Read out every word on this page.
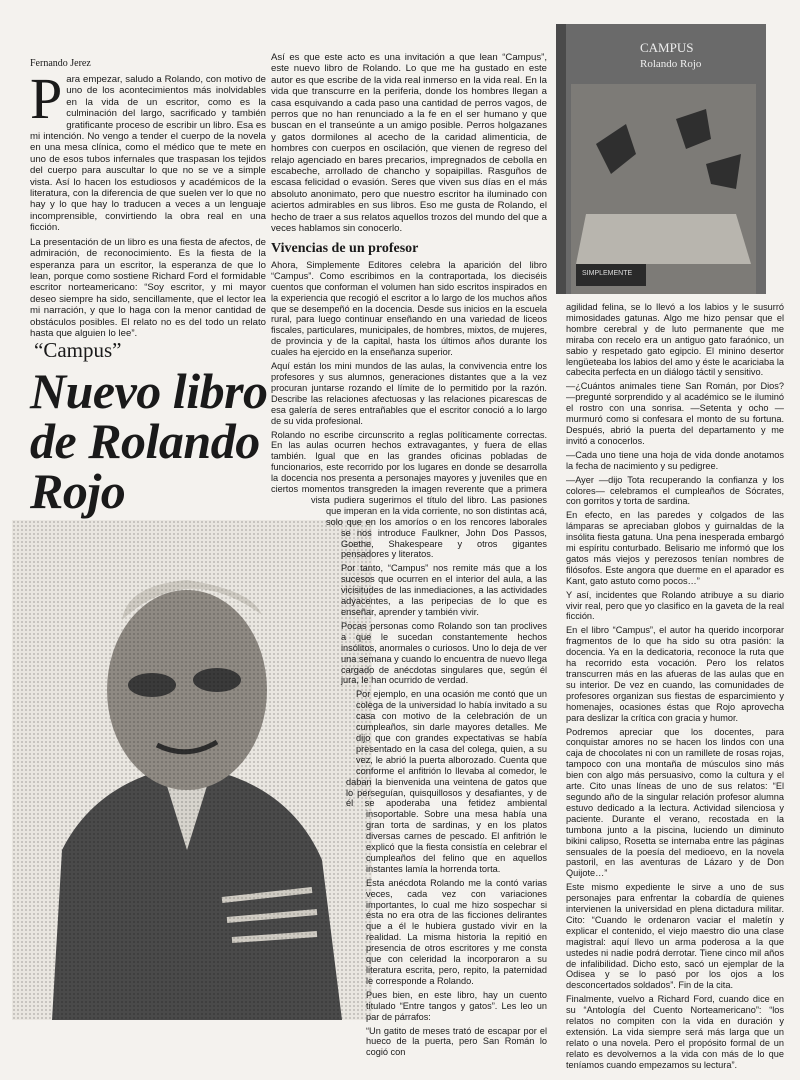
Fernando Jerez

Para empezar, saludo a Rolando, con motivo de uno de los acontecimientos más inolvidables en la vida de un escritor, como es la culminación del largo, sacrificado y también gratificante proceso de escribir un libro. Esa es mi intención. No vengo a tender el cuerpo de la novela en una mesa clínica, como el médico que te mete en uno de esos tubos infernales que traspasan los tejidos del cuerpo para auscultar lo que no se ve a simple vista. Así lo hacen los estudiosos y académicos de la literatura, con la diferencia de que suelen ver lo que no hay y lo que hay lo traducen a veces a un lenguaje incomprensible, convirtiendo la obra real en una ficción.

La presentación de un libro es una fiesta de afectos, de admiración, de reconocimiento. Es la fiesta de la esperanza para un escritor, la esperanza de que lo lean, porque como sostiene Richard Ford el formidable escritor norteamericano: “Soy escritor, y mi mayor deseo siempre ha sido, sencillamente, que el lector lea mi narración, y que lo haga con la menor cantidad de obstáculos posibles. El relato no es del todo un relato hasta que alguien lo lee”.

“Campus”
Nuevo libro de Rolando Rojo
CAMPUS
Rolando Rojo
SIMPLEMENTE

Así es que este acto es una invitación a que lean “Campus”, este nuevo libro de Rolando. Lo que me ha gustado en este autor es que escribe de la vida real inmerso en la vida real. En la vida que transcurre en la periferia, donde los hombres llegan a casa esquivando a cada paso una cantidad de perros vagos, de perros que no han renunciado a la fe en el ser humano y que buscan en el transeúnte a un amigo posible. Perros holgazanes y gatos dormilones al acecho de la caridad alimenticia, de hombres con cuerpos en oscilación, que vienen de regreso del relajo agenciado en bares precarios, impregnados de cebolla en escabeche, arrollado de chancho y sopaipillas. Rasguños de escasa felicidad o evasión. Seres que viven sus días en el más absoluto anonimato, pero que nuestro escritor ha iluminado con aciertos admirables en sus libros. Eso me gusta de Rolando, el hecho de traer a sus relatos aquellos trozos del mundo del que a veces hablamos sin conocerlo.

Vivencias de un profesor

Ahora, Simplemente Editores celebra la aparición del libro “Campus”. Como escribimos en la contraportada, los dieciséis cuentos que conforman el volumen han sido escritos inspirados en la experiencia que recogió el escritor a lo largo de los muchos años que se desempeñó en la docencia. Desde sus inicios en la escuela rural, para luego continuar enseñando en una variedad de liceos fiscales, particulares, municipales, de hombres, mixtos, de mujeres, de provincia y de la capital, hasta los últimos años durante los cuales ha ejercido en la enseñanza superior.

Aquí están los mini mundos de las aulas, la convivencia entre los profesores y sus alumnos, generaciones distantes que a la vez procuran juntarse rozando el límite de lo permitido por la razón. Describe las relaciones afectuosas y las relaciones picarescas de esa galería de seres entrañables que el escritor conoció a lo largo de su vida profesional.

Rolando no escribe circunscrito a reglas políticamente correctas. En las aulas ocurren hechos extravagantes, y fuera de ellas también. Igual que en las grandes oficinas pobladas de funcionarios, este recorrido por los lugares en donde se desarrolla la docencia nos presenta a personajes mayores y juveniles que en ciertos momentos transgreden la imagen reverente que a primera vista pudiera sugerirnos el título del libro. Las pasiones que imperan en la vida corriente, no son distintas acá, solo que en los amoríos o en los rencores laborales se nos introduce Faulkner, John Dos Passos, Goethe, Shakespeare y otros gigantes pensadores y literatos.

Por tanto, “Campus” nos remite más que a los sucesos que ocurren en el interior del aula, a las vicisitudes de las inmediaciones, a las actividades adyacentes, a las peripecias de lo que es enseñar, aprender y también vivir.

Pocas personas como Rolando son tan proclives a que le sucedan constantemente hechos insólitos, anormales o curiosos. Uno lo deja de ver una semana y cuando lo encuentra de nuevo llega cargado de anécdotas singulares que, según él jura, le han ocurrido de verdad.

Por ejemplo, en una ocasión me contó que un colega de la universidad lo había invitado a su casa con motivo de la celebración de un cumpleaños, sin darle mayores detalles. Me dijo que con grandes expectativas se había presentado en la casa del colega, quien, a su vez, le abrió la puerta alborozado. Cuenta que conforme el anfitrión lo llevaba al comedor, le daban la bienvenida una veintena de gatos que lo perseguían, quisquillosos y desafiantes, y de él se apoderaba una fetidez ambiental insoportable. Sobre una mesa había una gran torta de sardinas, y en los platos diversas carnes de pescado. El anfitrión le explicó que la fiesta consistía en celebrar el cumpleaños del felino que en aquellos instantes lamía la horrenda torta.

Esta anécdota Rolando me la contó varias veces, cada vez con variaciones importantes, lo cual me hizo sospechar si ésta no era otra de las ficciones delirantes que a él le hubiera gustado vivir en la realidad. La misma historia la repitió en presencia de otros escritores y me consta que con celeridad la incorporaron a su literatura escrita, pero, repito, la paternidad le corresponde a Rolando.

Pues bien, en este libro, hay un cuento titulado “Entre tangos y gatos”. Les leo un par de párrafos:

“Un gatito de meses trató de escapar por el hueco de la puerta, pero San Román lo cogió con

agilidad felina, se lo llevó a los labios y le susurró mimosidades gatunas. Algo me hizo pensar que el hombre cerebral y de luto permanente que me miraba con recelo era un antiguo gato faraónico, un sabio y respetado gato egipcio. El minino desertor lengüeteaba los labios del amo y éste le acariciaba la cabecita perfecta en un diálogo táctil y sensitivo.

—¿Cuántos animales tiene San Román, por Dios? —pregunté sorprendido y al académico se le iluminó el rostro con una sonrisa. —Setenta y ocho —murmuró como si confesara el monto de su fortuna. Después, abrió la puerta del departamento y me invitó a conocerlos.

—Cada uno tiene una hoja de vida donde anotamos la fecha de nacimiento y su pedigree.

—Ayer —dijo Tota recuperando la confianza y los colores— celebramos el cumpleaños de Sócrates, con gorritos y torta de sardina.

En efecto, en las paredes y colgados de las lámparas se apreciaban globos y guirnaldas de la insólita fiesta gatuna. Una pena inesperada embargó mi espíritu conturbado. Belisario me informó que los gatos más viejos y perezosos tenían nombres de filósofos. Este angora que duerme en el aparador es Kant, gato astuto como pocos…”

Y así, incidentes que Rolando atribuye a su diario vivir real, pero que yo clasifico en la gaveta de la real ficción.

En el libro “Campus”, el autor ha querido incorporar fragmentos de lo que ha sido su otra pasión: la docencia. Ya en la dedicatoria, reconoce la ruta que ha recorrido esta vocación. Pero los relatos transcurren más en las afueras de las aulas que en su interior. De vez en cuando, las comunidades de profesores organizan sus fiestas de esparcimiento y homenajes, ocasiones éstas que Rojo aprovecha para deslizar la crítica con gracia y humor.

Podremos apreciar que los docentes, para conquistar amores no se hacen los lindos con una caja de chocolates ni con un ramillete de rosas rojas, tampoco con una montaña de músculos sino más bien con algo más persuasivo, como la cultura y el arte. Cito unas líneas de uno de sus relatos: “El segundo año de la singular relación profesor alumna estuvo dedicado a la lectura. Actividad silenciosa y paciente. Durante el verano, recostada en la tumbona junto a la piscina, luciendo un diminuto bikini calipso, Rosetta se internaba entre las páginas sensuales de la poesía del medioevo, en la novela pastoril, en las aventuras de Lázaro y de Don Quijote…”

Este mismo expediente le sirve a uno de sus personajes para enfrentar la cobardía de quienes intervienen la universidad en plena dictadura militar. Cito: “Cuando le ordenaron vaciar el maletín y explicar el contenido, el viejo maestro dio una clase magistral: aquí llevo un arma poderosa a la que ustedes ni nadie podrá derrotar. Tiene cinco mil años de infalibilidad. Dicho esto, sacó un ejemplar de la Odisea y se lo pasó por los ojos a los desconcertados soldados”. Fin de la cita.

Finalmente, vuelvo a Richard Ford, cuando dice en su “Antología del Cuento Norteamericano”: “los relatos no compiten con la vida en duración y extensión. La vida siempre será más larga que un relato o una novela. Pero el propósito formal de un relato es devolvernos a la vida con más de lo que teníamos cuando empezamos su lectura”.
